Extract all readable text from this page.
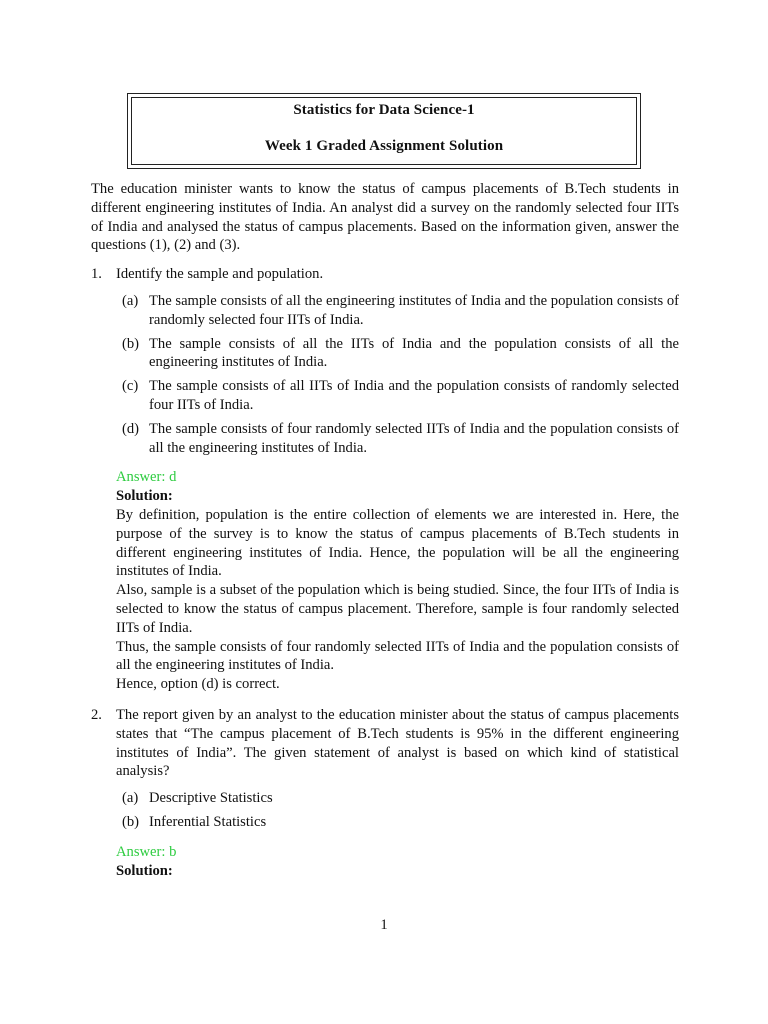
Statistics for Data Science-1
Week 1 Graded Assignment Solution

The education minister wants to know the status of campus placements of B.Tech students in different engineering institutes of India. An analyst did a survey on the randomly selected four IITs of India and analysed the status of campus placements. Based on the information given, answer the questions (1), (2) and (3).

1. Identify the sample and population.

(a) The sample consists of all the engineering institutes of India and the population consists of randomly selected four IITs of India.
(b) The sample consists of all the IITs of India and the population consists of all the engineering institutes of India.
(c) The sample consists of all IITs of India and the population consists of randomly selected four IITs of India.
(d) The sample consists of four randomly selected IITs of India and the population consists of all the engineering institutes of India.

Answer: d

Solution:

By definition, population is the entire collection of elements we are interested in. Here, the purpose of the survey is to know the status of campus placements of B.Tech students in different engineering institutes of India. Hence, the population will be all the engineering institutes of India.

Also, sample is a subset of the population which is being studied. Since, the four IITs of India is selected to know the status of campus placement. Therefore, sample is four randomly selected IITs of India.

Thus, the sample consists of four randomly selected IITs of India and the population consists of all the engineering institutes of India.

Hence, option (d) is correct.

2. The report given by an analyst to the education minister about the status of campus placements states that “The campus placement of B.Tech students is 95% in the different engineering institutes of India”. The given statement of analyst is based on which kind of statistical analysis?

(a) Descriptive Statistics
(b) Inferential Statistics

Answer: b

Solution:

1
